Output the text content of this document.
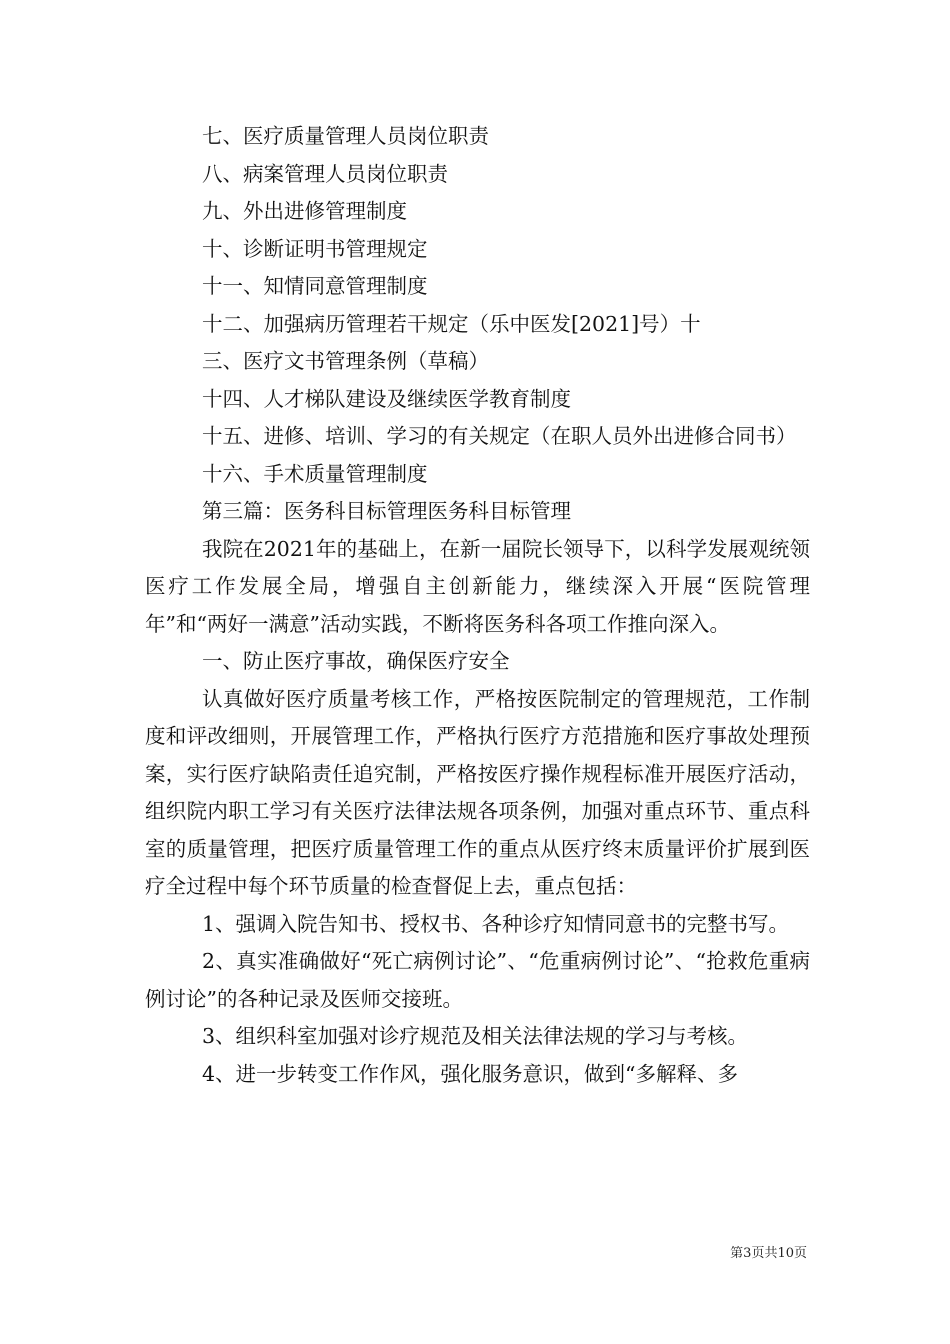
七、医疗质量管理人员岗位职责

八、病案管理人员岗位职责

九、外出进修管理制度

十、诊断证明书管理规定

十一、知情同意管理制度

十二、加强病历管理若干规定（乐中医发[2021]号）十

三、医疗文书管理条例（草稿）

十四、人才梯队建设及继续医学教育制度

十五、进修、培训、学习的有关规定（在职人员外出进修合同书）

十六、手术质量管理制度

第三篇：医务科目标管理医务科目标管理

我院在2021年的基础上，在新一届院长领导下，以科学发展观统领医疗工作发展全局，增强自主创新能力，继续深入开展“医院管理年”和“两好一满意”活动实践，不断将医务科各项工作推向深入。

一、防止医疗事故，确保医疗安全

认真做好医疗质量考核工作，严格按医院制定的管理规范，工作制度和评改细则，开展管理工作，严格执行医疗方范措施和医疗事故处理预案，实行医疗缺陷责任追究制，严格按医疗操作规程标准开展医疗活动，组织院内职工学习有关医疗法律法规各项条例，加强对重点环节、重点科室的质量管理，把医疗质量管理工作的重点从医疗终末质量评价扩展到医疗全过程中每个环节质量的检查督促上去，重点包括：

1、强调入院告知书、授权书、各种诊疗知情同意书的完整书写。

2、真实准确做好“死亡病例讨论”、“危重病例讨论”、“抢救危重病例讨论”的各种记录及医师交接班。

3、组织科室加强对诊疗规范及相关法律法规的学习与考核。

4、进一步转变工作作风，强化服务意识，做到“多解释、多

第3页共10页
